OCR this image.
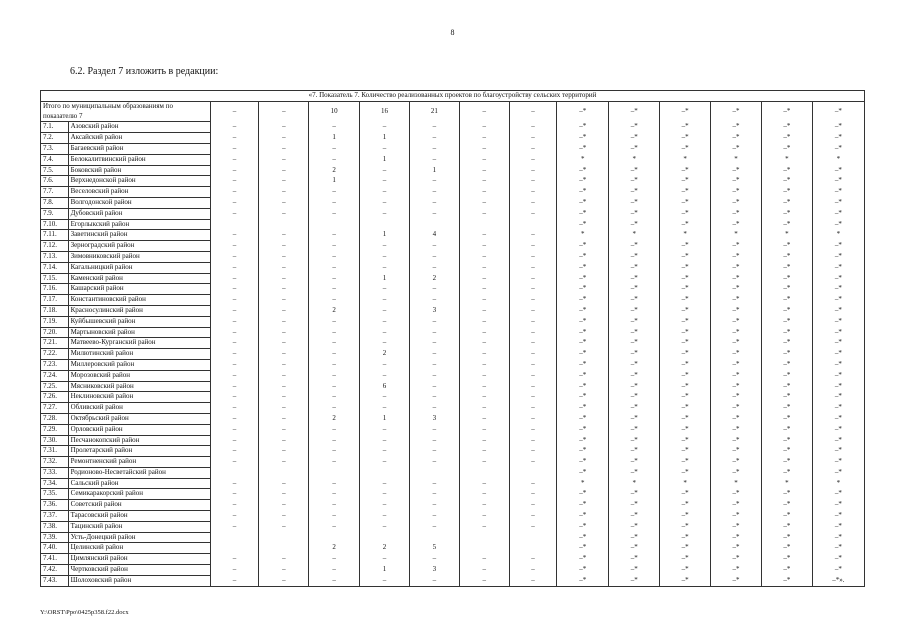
8
6.2. Раздел 7 изложить в редакции:
«7. Показатель 7. Количество реализованных проектов по благоустройству сельских территорий														
Итого по муниципальным образованиям по показателю 7		–	–	10	16	21	–	–	–*	–*	–*	–*	–*	–*

7.1.	Азовский район	–	–	–	–	–	–	–	–*	–*	–*	–*	–*	–*
7.2.	Аксайский район	–	–	1	1	–	–	–	–*	–*	–*	–*	–*	–*
7.3.	Багаевский район	–	–	–	–	–	–	–	–*	–*	–*	–*	–*	–*
7.4.	Белокалитвинский район	–	–	–	1	–	–	–	*	*	*	*	*	*
7.5.	Боковский район	–	–	2	–	1	–	–	–*	–*	–*	–*	–*	–*
7.6.	Верхнедонской район	–	–	1	–	–	–	–	–*	–*	–*	–*	–*	–*
7.7.	Веселовский район	–	–	–	–	–	–	–	–*	–*	–*	–*	–*	–*
7.8.	Волгодонской район	–	–	–	–	–	–	–	–*	–*	–*	–*	–*	–*
7.9.	Дубовский район	–	–	–	–	–	–	–	–*	–*	–*	–*	–*	–*
7.10.	Егорлыкский район								–*	–*	–*	–*	–*	–*
7.11.	Заветинский район	–	–	–	1	4	–	–	*	*	*	*	*	*
7.12.	Зерноградский район	–	–	–	–	–	–	–	–*	–*	–*	–*	–*	–*
7.13.	Зимовниковский район	–	–	–	–	–	–	–	–*	–*	–*	–*	–*	–*
7.14.	Кагальницкий район	–	–	–	–	–	–	–	–*	–*	–*	–*	–*	–*
7.15.	Каменский район	–	–	–	1	2	–	–	–*	–*	–*	–*	–*	–*
7.16.	Кашарский район	–	–	–	–	–	–	–	–*	–*	–*	–*	–*	–*
7.17.	Константиновский район	–	–	–	–	–	–	–	–*	–*	–*	–*	–*	–*
7.18.	Красносулинский район	–	–	2	–	3	–	–	–*	–*	–*	–*	–*	–*
7.19.	Куйбышевский район	–	–	–	–	–	–	–	–*	–*	–*	–*	–*	–*
7.20.	Мартыновский район	–	–	–	–	–	–	–	–*	–*	–*	–*	–*	–*
7.21.	Матвеево-Курганский район	–	–	–	–	–	–	–	–*	–*	–*	–*	–*	–*
7.22.	Милютинский район	–	–	–	2	–	–	–	–*	–*	–*	–*	–*	–*
7.23.	Миллеровский район	–	–	–	–	–	–	–	–*	–*	–*	–*	–*	–*
7.24.	Морозовский район	–	–	–	–	–	–	–	–*	–*	–*	–*	–*	–*
7.25.	Мясниковский район	–	–	–	6	–	–	–	–*	–*	–*	–*	–*	–*
7.26.	Неклиновский район	–	–	–	–	–	–	–	–*	–*	–*	–*	–*	–*
7.27.	Обливский район	–	–	–	–	–	–	–	–*	–*	–*	–*	–*	–*
7.28.	Октябрьский район	–	–	2	1	3	–	–	–*	–*	–*	–*	–*	–*
7.29.	Орловский район	–	–	–	–	–	–	–	–*	–*	–*	–*	–*	–*
7.30.	Песчанокопский район	–	–	–	–	–	–	–	–*	–*	–*	–*	–*	–*
7.31.	Пролетарский район	–	–	–	–	–	–	–	–*	–*	–*	–*	–*	–*
7.32.	Ремонтненский район	–	–	–	–	–	–	–	–*	–*	–*	–*	–*	–*
7.33.	Родионово-Несветайский район								–*	–*	–*	–*	–*	–*
7.34.	Сальский район	–	–	–	–	–	–	–	*	*	*	*	*	*
7.35.	Семикаракорский район	–	–	–	–	–	–	–	–*	–*	–*	–*	–*	–*
7.36.	Советский район	–	–	–	–	–	–	–	–*	–*	–*	–*	–*	–*
7.37.	Тарасовский район	–	–	–	–	–	–	–	–*	–*	–*	–*	–*	–*
7.38.	Тацинский район	–	–	–	–	–	–	–	–*	–*	–*	–*	–*	–*
7.39.	Усть-Донецкий район								–*	–*	–*	–*	–*	–*
7.40.	Целинский район			2	2	5			–*	–*	–*	–*	–*	–*
7.41.	Цимлянский район	–	–	–	–	–	–	–	–*	–*	–*	–*	–*	–*
7.42.	Чертковский район	–	–	–	1	3	–	–	–*	–*	–*	–*	–*	–*
7.43.	Шолоховский район	–	–	–	–	–	–	–	–*	–*	–*	–*	–*	–*».
Y:\ORST\Ppo\0425p358.f22.docx
